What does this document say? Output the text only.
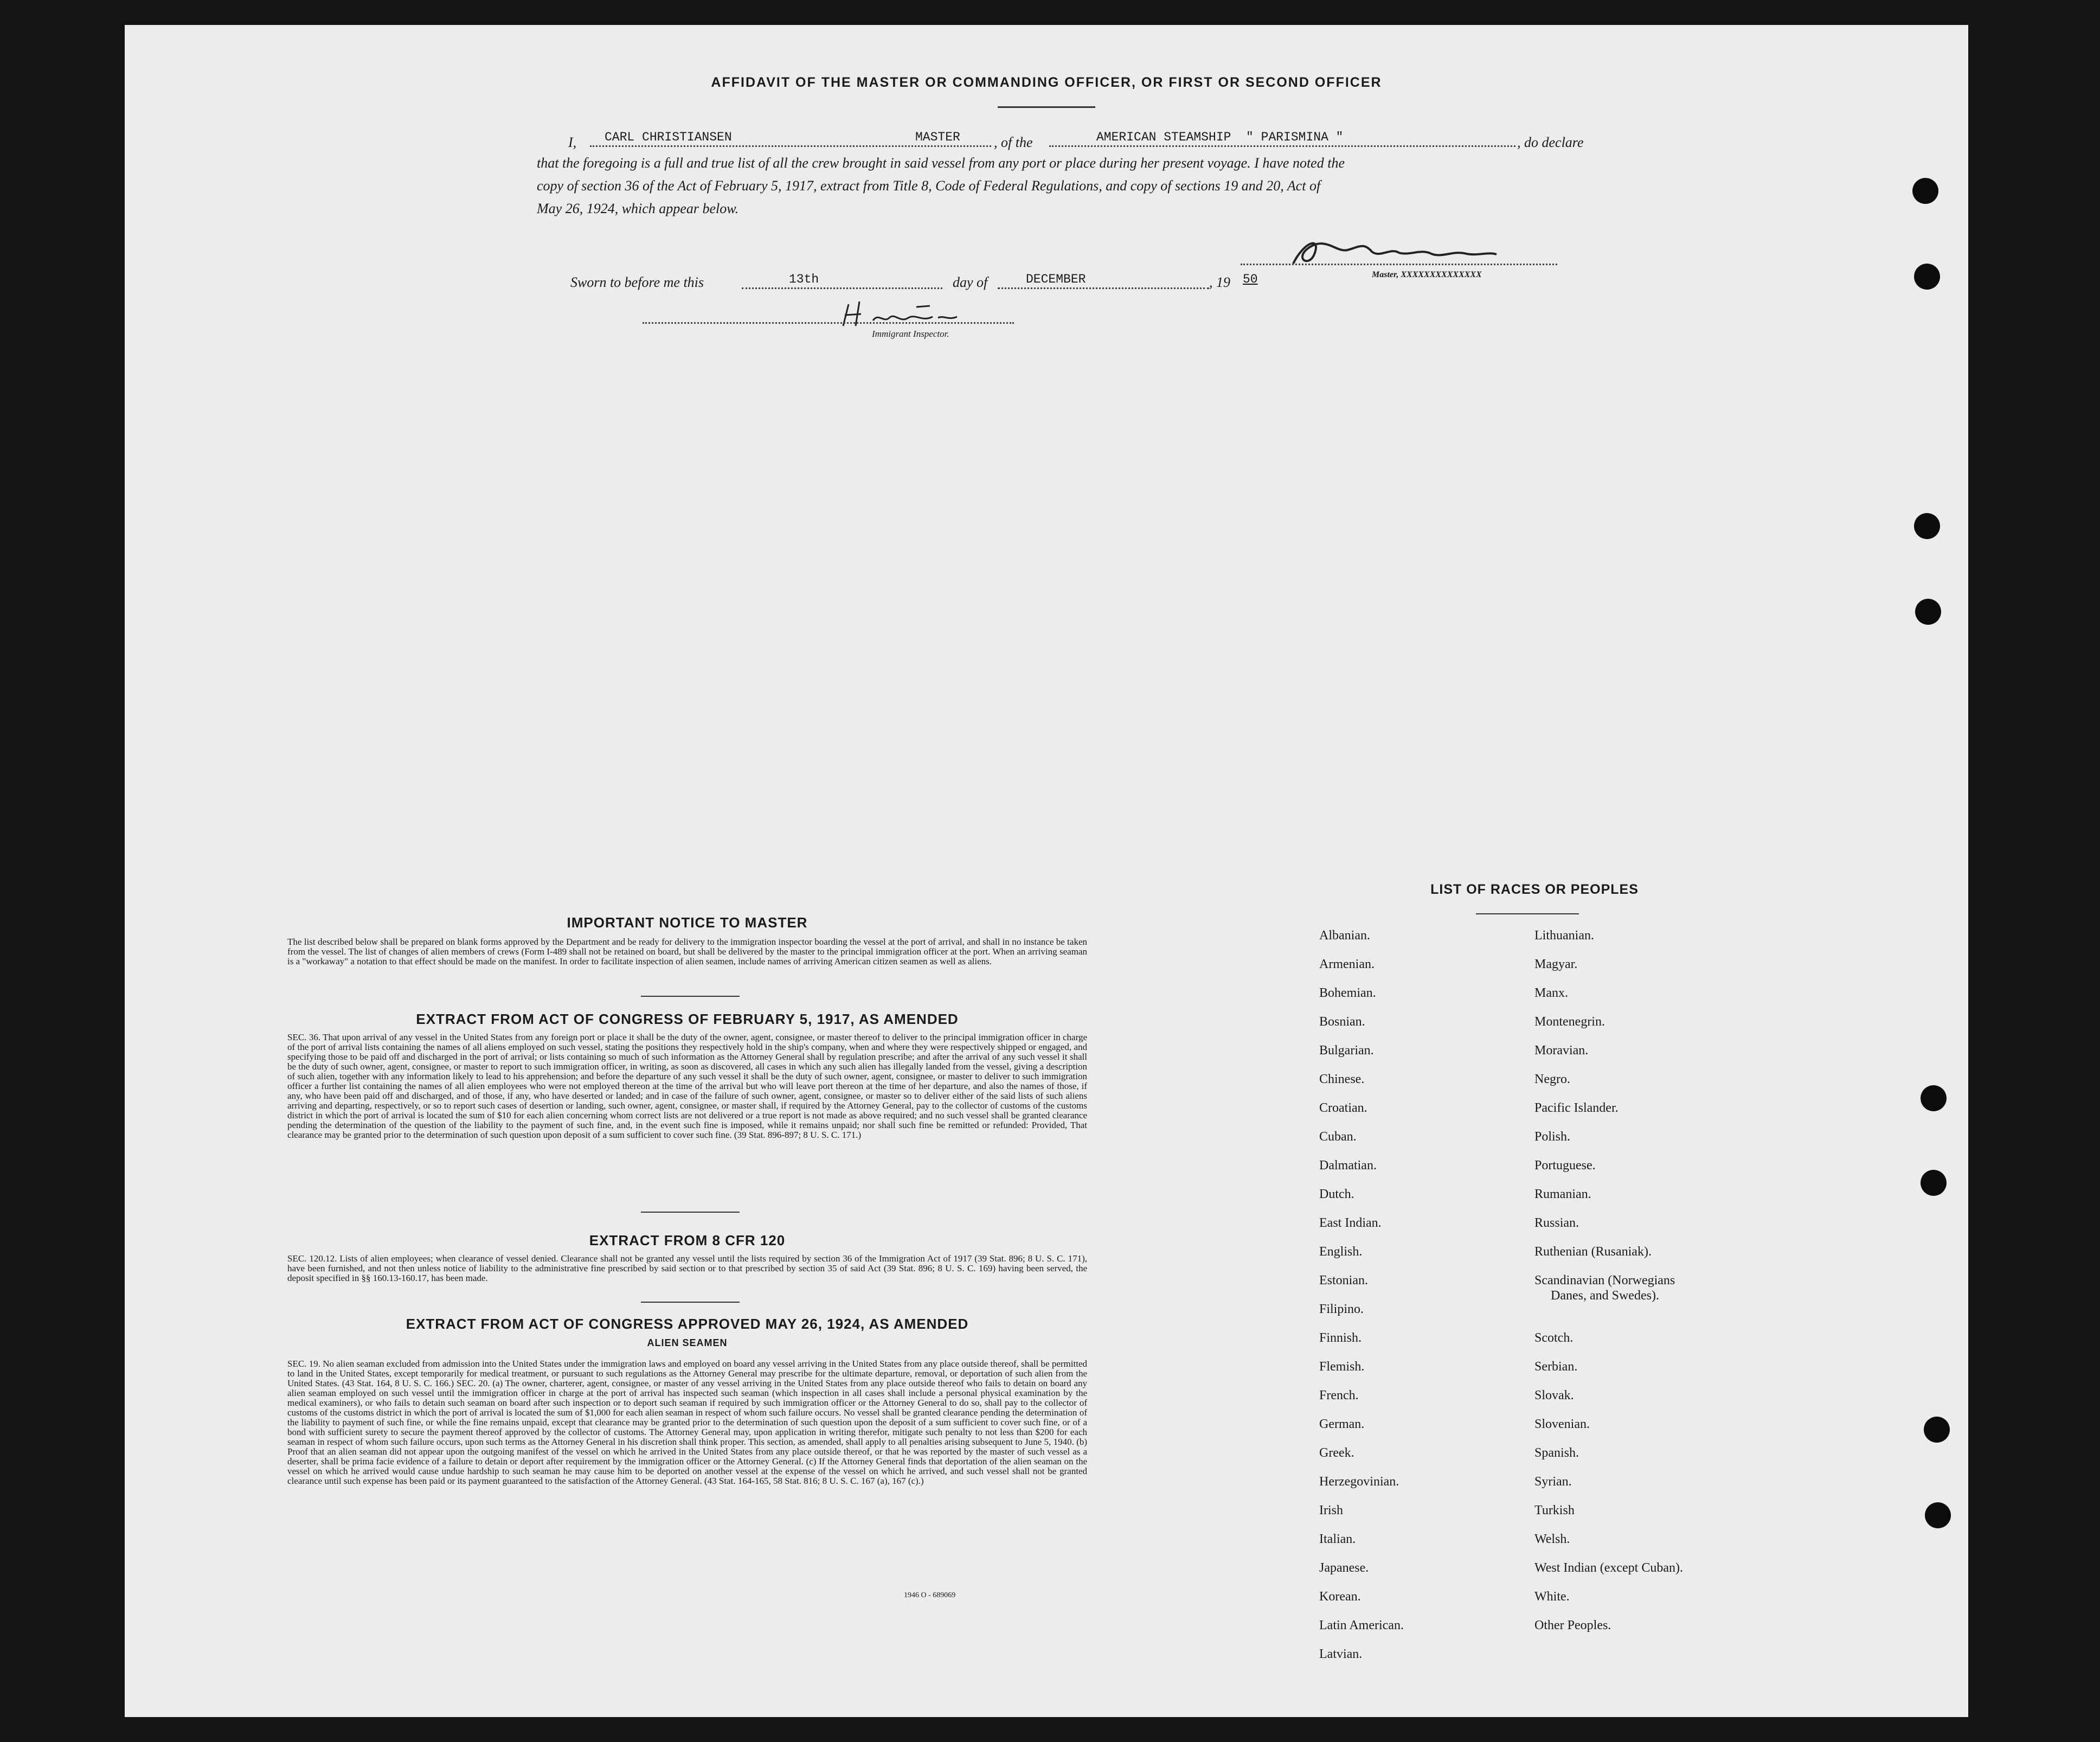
AFFIDAVIT OF THE MASTER OR COMMANDING OFFICER, OR FIRST OR SECOND OFFICER
I, CARL CHRISTIANSEN	MASTER , of the	AMERICAN STEAMSHIP  " PARISMINA "	, do declare
that the foregoing is a full and true list of all the crew brought in said vessel from any port or place during her present voyage. I have noted the
copy of section 36 of the Act of February 5, 1917, extract from Title 8, Code of Federal Regulations, and copy of sections 19 and 20, Act of
May 26, 1924, which appear below.
Master, XXXXXXXXXXXXXX
Sworn to before me this	13th	day of	DECEMBER	, 19 50
Immigrant Inspector.
IMPORTANT NOTICE TO MASTER
The list described below shall be prepared on blank forms approved by the Department and be ready for delivery to the immigration inspector boarding the vessel at the port of arrival, and shall in no instance be taken from the vessel. The list of changes of alien members of crews (Form I-489 shall not be retained on board, but shall be delivered by the master to the principal immigration officer at the port. When an arriving seaman is a "workaway" a notation to that effect should be made on the manifest. In order to facilitate inspection of alien seamen, include names of arriving American citizen seamen as well as aliens.
EXTRACT FROM ACT OF CONGRESS OF FEBRUARY 5, 1917, AS AMENDED
SEC. 36. That upon arrival of any vessel in the United States from any foreign port or place it shall be the duty of the owner, agent, consignee, or master thereof to deliver to the principal immigration officer in charge of the port of arrival lists containing the names of all aliens employed on such vessel, stating the positions they respectively hold in the ship's company, when and where they were respectively shipped or engaged, and specifying those to be paid off and discharged in the port of arrival; or lists containing so much of such information as the Attorney General shall by regulation prescribe; and after the arrival of any such vessel it shall be the duty of such owner, agent, consignee, or master to report to such immigration officer, in writing, as soon as discovered, all cases in which any such alien has illegally landed from the vessel, giving a description of such alien, together with any information likely to lead to his apprehension; and before the departure of any such vessel it shall be the duty of such owner, agent, consignee, or master to deliver to such immigration officer a further list containing the names of all alien employees who were not employed thereon at the time of the arrival but who will leave port thereon at the time of her departure, and also the names of those, if any, who have been paid off and discharged, and of those, if any, who have deserted or landed; and in case of the failure of such owner, agent, consignee, or master so to deliver either of the said lists of such aliens arriving and departing, respectively, or so to report such cases of desertion or landing, such owner, agent, consignee, or master shall, if required by the Attorney General, pay to the collector of customs of the customs district in which the port of arrival is located the sum of $10 for each alien concerning whom correct lists are not delivered or a true report is not made as above required; and no such vessel shall be granted clearance pending the determination of the question of the liability to the payment of such fine, and, in the event such fine is imposed, while it remains unpaid; nor shall such fine be remitted or refunded: Provided, That clearance may be granted prior to the determination of such question upon deposit of a sum sufficient to cover such fine. (39 Stat. 896-897; 8 U. S. C. 171.)
EXTRACT FROM 8 CFR 120
SEC. 120.12. Lists of alien employees; when clearance of vessel denied. Clearance shall not be granted any vessel until the lists required by section 36 of the Immigration Act of 1917 (39 Stat. 896; 8 U. S. C. 171), have been furnished, and not then unless notice of liability to the administrative fine prescribed by said section or to that prescribed by section 35 of said Act (39 Stat. 896; 8 U. S. C. 169) having been served, the deposit specified in §§ 160.13-160.17, has been made.
EXTRACT FROM ACT OF CONGRESS APPROVED MAY 26, 1924, AS AMENDED
ALIEN SEAMEN
SEC. 19. No alien seaman excluded from admission into the United States under the immigration laws and employed on board any vessel arriving in the United States from any place outside thereof, shall be permitted to land in the United States, except temporarily for medical treatment, or pursuant to such regulations as the Attorney General may prescribe for the ultimate departure, removal, or deportation of such alien from the United States. (43 Stat. 164, 8 U. S. C. 166.) SEC. 20. (a) The owner, charterer, agent, consignee, or master of any vessel arriving in the United States from any place outside thereof who fails to detain on board any alien seaman employed on such vessel until the immigration officer in charge at the port of arrival has inspected such seaman (which inspection in all cases shall include a personal physical examination by the medical examiners), or who fails to detain such seaman on board after such inspection or to deport such seaman if required by such immigration officer or the Attorney General to do so, shall pay to the collector of customs of the customs district in which the port of arrival is located the sum of $1,000 for each alien seaman in respect of whom such failure occurs. No vessel shall be granted clearance pending the determination of the liability to payment of such fine, or while the fine remains unpaid, except that clearance may be granted prior to the determination of such question upon the deposit of a sum sufficient to cover such fine, or of a bond with sufficient surety to secure the payment thereof approved by the collector of customs. The Attorney General may, upon application in writing therefor, mitigate such penalty to not less than $200 for each seaman in respect of whom such failure occurs, upon such terms as the Attorney General in his discretion shall think proper. This section, as amended, shall apply to all penalties arising subsequent to June 5, 1940. (b) Proof that an alien seaman did not appear upon the outgoing manifest of the vessel on which he arrived in the United States from any place outside thereof, or that he was reported by the master of such vessel as a deserter, shall be prima facie evidence of a failure to detain or deport after requirement by the immigration officer or the Attorney General. (c) If the Attorney General finds that deportation of the alien seaman on the vessel on which he arrived would cause undue hardship to such seaman he may cause him to be deported on another vessel at the expense of the vessel on which he arrived, and such vessel shall not be granted clearance until such expense has been paid or its payment guaranteed to the satisfaction of the Attorney General. (43 Stat. 164-165, 58 Stat. 816; 8 U. S. C. 167 (a), 167 (c).)
1946 O - 689069
LIST OF RACES OR PEOPLES
Albanian.
Armenian.
Bohemian.
Bosnian.
Bulgarian.
Chinese.
Croatian.
Cuban.
Dalmatian.
Dutch.
East Indian.
English.
Estonian.
Filipino.
Finnish.
Flemish.
French.
German.
Greek.
Herzegovinian.
Irish
Italian.
Japanese.
Korean.
Latin American.
Latvian.
Lithuanian.
Magyar.
Manx.
Montenegrin.
Moravian.
Negro.
Pacific Islander.
Polish.
Portuguese.
Rumanian.
Russian.
Ruthenian (Rusaniak).
Scandinavian (Norwegians
Danes, and Swedes).
Scotch.
Serbian.
Slovak.
Slovenian.
Spanish.
Syrian.
Turkish
Welsh.
West Indian (except Cuban).
White.
Other Peoples.
